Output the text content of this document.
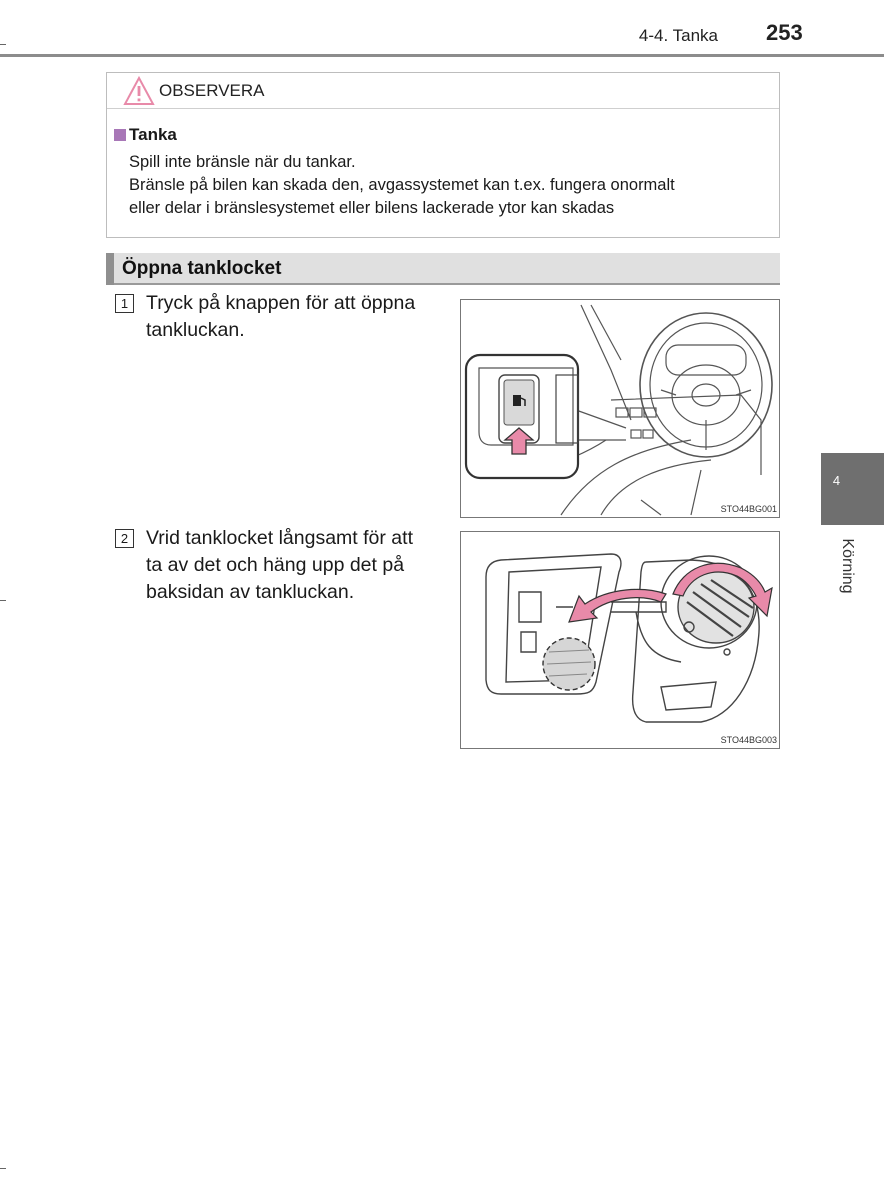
4-4. Tanka 253
OBSERVERA
Tanka

Spill inte bränsle när du tankar.

Bränsle på bilen kan skada den, avgassystemet kan t.ex. fungera onormalt

eller delar i bränslesystemet eller bilens lackerade ytor kan skadas

Öppna tanklocket
1 Tryck på knappen för att öppna
tankluckan.
STO44BG001
2 Vrid tanklocket långsamt för att
ta av det och häng upp det på
baksidan av tankluckan.
STO44BG003
4
Körning
